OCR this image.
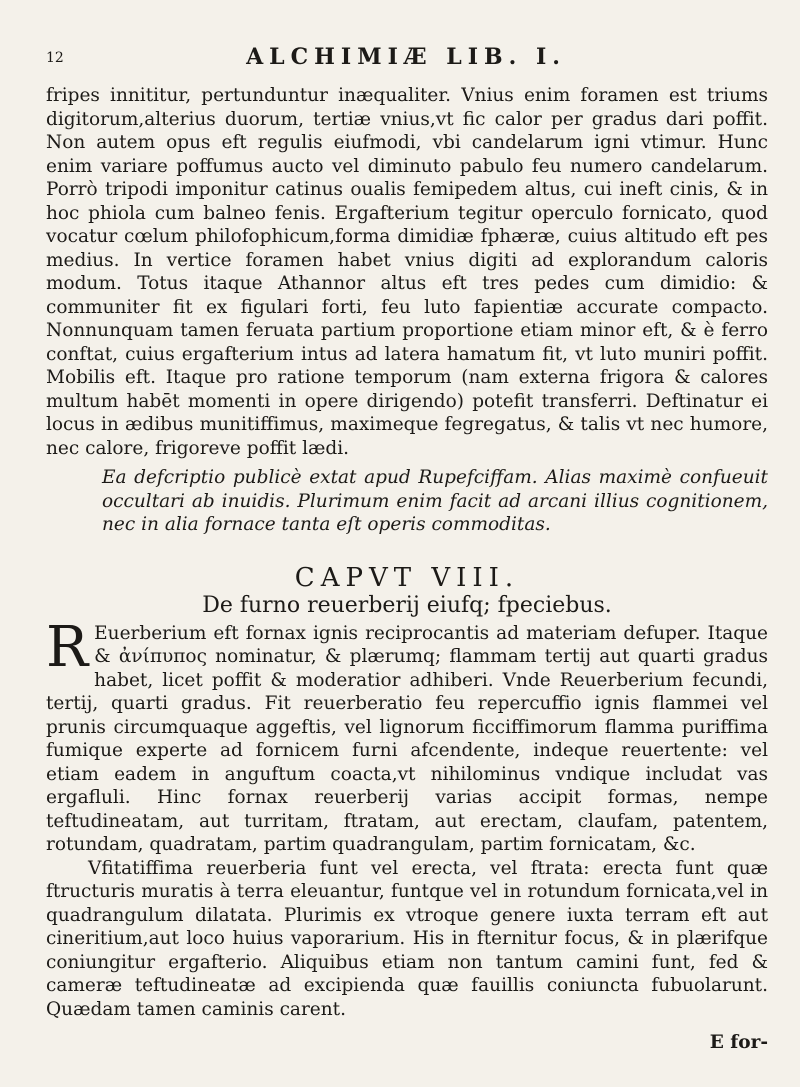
12	ALCHIMIÆ LIB. I.

fripes innititur, pertunduntur inæqualiter. Vnius enim foramen est triums digitorum,alterius duorum, tertiæ vnius,vt fic calor per gradus dari poffit. Non autem opus eft regulis eiufmodi, vbi candelarum igni vtimur. Hunc enim variare poffumus aucto vel diminuto pabulo feu numero candelarum. Porrò tripodi imponitur catinus oualis femipedem altus, cui ineft cinis, & in hoc phiola cum balneo fenis. Ergafterium tegitur operculo fornicato, quod vocatur cœlum philofophicum,forma dimidiæ fphæræ, cuius altitudo eft pes medius. In vertice foramen habet vnius digiti ad explorandum caloris modum. Totus itaque Athannor altus eft tres pedes cum dimidio: & communiter fit ex figulari forti, feu luto fapientiæ accurate compacto. Nonnunquam tamen feruata partium proportione etiam minor eft, & è ferro conftat, cuius ergafterium intus ad latera hamatum fit, vt luto muniri poffit. Mobilis eft. Itaque pro ratione temporum (nam externa frigora & calores multum habēt momenti in opere dirigendo) potefit transferri. Deftinatur ei locus in ædibus munitiffimus, maximeque fegregatus, & talis vt nec humore, nec calore, frigoreve poffit lædi.

Ea defcriptio publicè extat apud Rupefciffam. Alias maximè confueuit occultari ab inuidis. Plurimum enim facit ad arcani illius cognitionem, nec in alia fornace tanta eſt operis commoditas.

CAPVT VIII.

De furno reuerberij eiufq; fpeciebus.

R Euerberium eft fornax ignis reciprocantis ad materiam defuper. Itaque & ἀνίπυπος nominatur, & plærumq; flammam tertij aut quarti gradus habet, licet poffit & moderatior adhiberi. Vnde Reuerberium fecundi, tertij, quarti gradus. Fit reuerberatio feu repercuffio ignis flammei vel prunis circumquaque aggeftis, vel lignorum ficciffimorum flamma puriffima fumique experte ad fornicem furni afcendente, indeque reuertente: vel etiam eadem in anguftum coacta,vt nihilominus vndique includat vas ergafluli. Hinc fornax reuerberij varias accipit formas, nempe teftudineatam, aut turritam, ftratam, aut erectam, claufam, patentem, rotundam, quadratam, partim quadrangulam, partim fornicatam, &c.

Vfitatiffima reuerberia funt vel erecta, vel ftrata: erecta funt quæ ftructuris muratis à terra eleuantur, funtque vel in rotundum fornicata,vel in quadrangulum dilatata. Plurimis ex vtroque genere iuxta terram eft aut cineritium,aut loco huius vaporarium. His in fternitur focus, & in plærifque coniungitur ergafterio. Aliquibus etiam non tantum camini funt, fed & cameræ teftudineatæ ad excipienda quæ fauillis coniuncta fubuolarunt. Quædam tamen caminis carent.

E for-
